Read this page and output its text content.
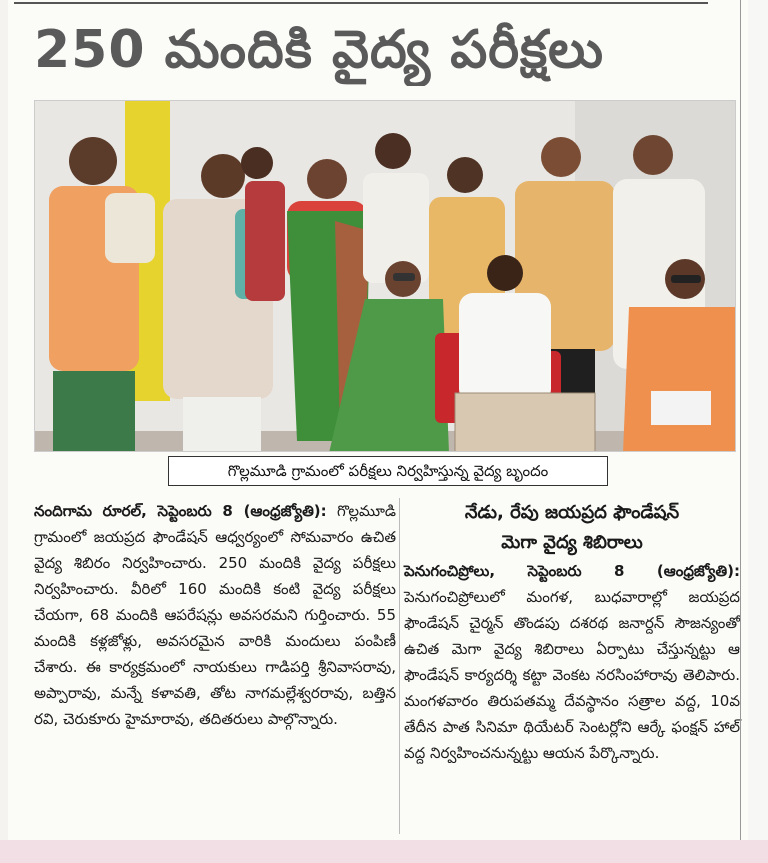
250 మందికి వైద్య పరీక్షలు
గొల్లమూడి గ్రామంలో పరీక్షలు నిర్వహిస్తున్న వైద్య బృందం
నందిగామ రూరల్, సెప్టెంబరు 8 (ఆంధ్రజ్యోతి): గొల్లమూడి గ్రామంలో జయప్రద ఫౌండేషన్ ఆధ్వర్యంలో సోమవారం ఉచిత వైద్య శిబిరం నిర్వహించారు. 250 మందికి వైద్య పరీక్షలు నిర్వహించారు. వీరిలో 160 మందికి కంటి వైద్య పరీక్షలు చేయగా, 68 మందికి ఆపరేషన్లు అవసరమని గుర్తించారు. 55 మందికి కళ్లజోళ్లు, అవసరమైన వారికి మందులు పంపిణీ చేశారు. ఈ కార్యక్రమంలో నాయకులు గాడిపర్తి శ్రీనివాసరావు, అప్పారావు, మన్నే కళావతి, తోట నాగమల్లేశ్వరరావు, బత్తిన రవి, చెరుకూరు హైమారావు, తదితరులు పాల్గొన్నారు.
నేడు, రేపు జయప్రద ఫౌండేషన్
మెగా వైద్య శిబిరాలు
పెనుగంచిప్రోలు, సెప్టెంబరు 8 (ఆంధ్రజ్యోతి): పెనుగంచిప్రోలులో మంగళ, బుధవారాల్లో జయప్రద ఫౌండేషన్ చైర్మన్ తొండపు దశరథ జనార్దన్ సౌజన్యంతో ఉచిత మెగా వైద్య శిబిరాలు ఏర్పాటు చేస్తున్నట్టు ఆ ఫౌండేషన్ కార్యదర్శి కట్టా వెంకట నరసింహారావు తెలిపారు. మంగళవారం తిరుపతమ్మ దేవస్థానం సత్రాల వద్ద, 10వ తేదీన పాత సినిమా థియేటర్ సెంటర్లోని ఆర్కే ఫంక్షన్ హాల్ వద్ద నిర్వహించనున్నట్టు ఆయన పేర్కొన్నారు.
